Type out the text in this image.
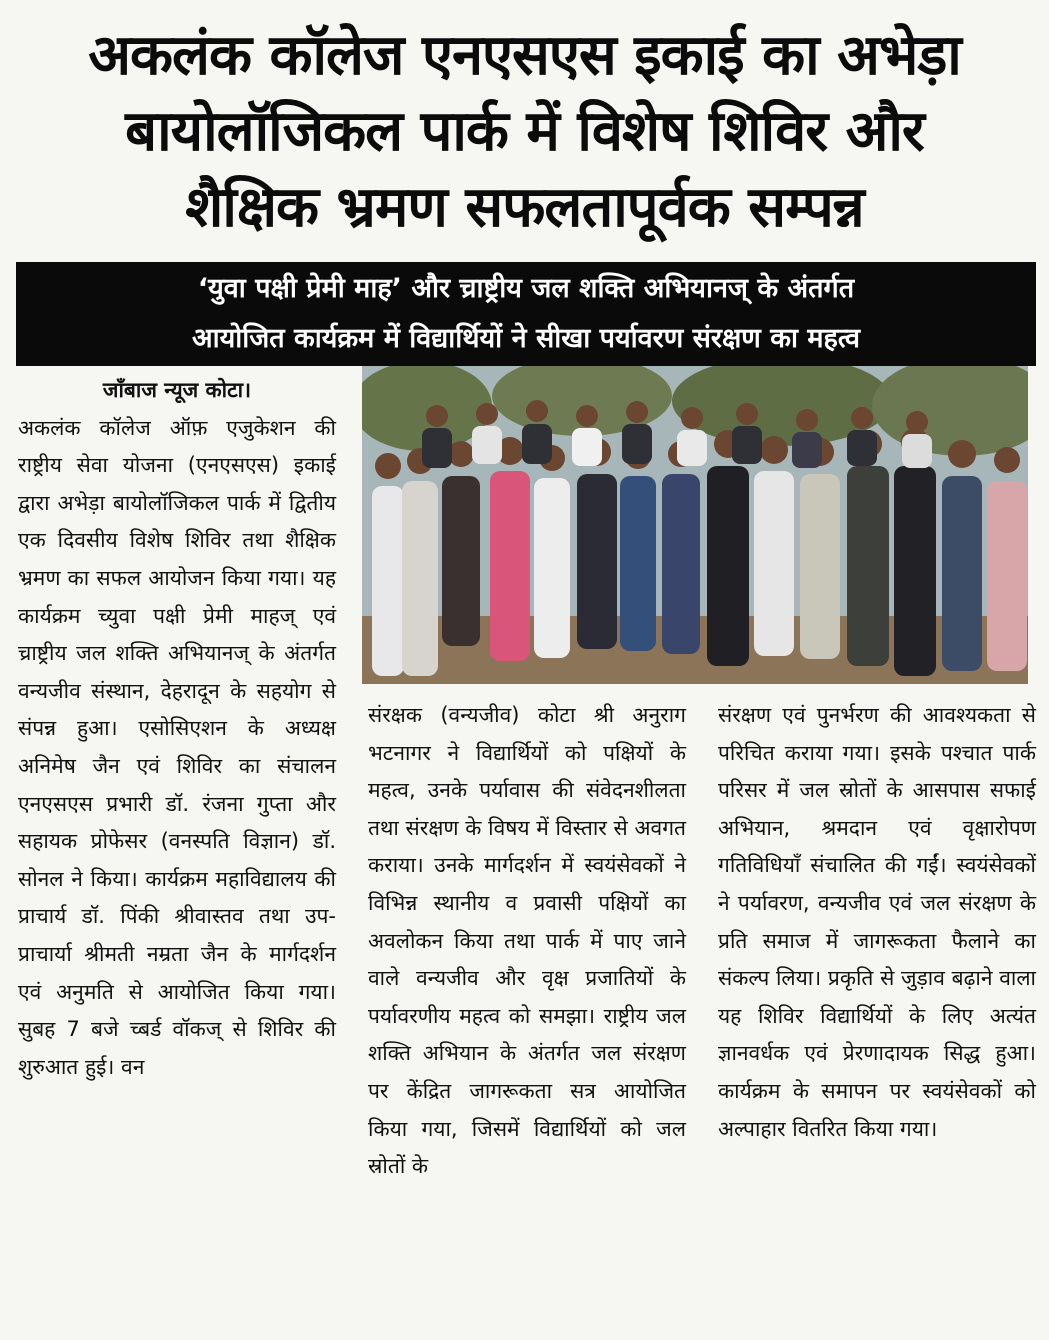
अकलंक कॉलेज एनएसएस इकाई का अभेड़ा
बायोलॉजिकल पार्क में विशेष शिविर और
शैक्षिक भ्रमण सफलतापूर्वक सम्पन्न
‘युवा पक्षी प्रेमी माह’ और च्राष्ट्रीय जल शक्ति अभियानज् के अंतर्गत
आयोजित कार्यक्रम में विद्यार्थियों ने सीखा पर्यावरण संरक्षण का महत्व
जाँबाज न्यूज कोटा।
अकलंक कॉलेज ऑफ़ एजुकेशन की राष्ट्रीय सेवा योजना (एनएसएस) इकाई द्वारा अभेड़ा बायोलॉजिकल पार्क में द्वितीय एक दिवसीय विशेष शिविर तथा शैक्षिक भ्रमण का सफल आयोजन किया गया। यह कार्यक्रम च्युवा पक्षी प्रेमी माहज् एवं च्राष्ट्रीय जल शक्ति अभियानज् के अंतर्गत वन्यजीव संस्थान, देहरादून के सहयोग से संपन्न हुआ। एसोसिएशन के अध्यक्ष अनिमेष जैन एवं शिविर का संचालन एनएसएस प्रभारी डॉ. रंजना गुप्ता और सहायक प्रोफेसर (वनस्पति विज्ञान) डॉ. सोनल ने किया। कार्यक्रम महाविद्यालय की प्राचार्य डॉ. पिंकी श्रीवास्तव तथा उप-प्राचार्या श्रीमती नम्रता जैन के मार्गदर्शन एवं अनुमति से आयोजित किया गया। सुबह 7 बजे च्बर्ड वॉकज् से शिविर की शुरुआत हुई। वन
संरक्षक (वन्यजीव) कोटा श्री अनुराग भटनागर ने विद्यार्थियों को पक्षियों के महत्व, उनके पर्यावास की संवेदनशीलता तथा संरक्षण के विषय में विस्तार से अवगत कराया। उनके मार्गदर्शन में स्वयंसेवकों ने विभिन्न स्थानीय व प्रवासी पक्षियों का अवलोकन किया तथा पार्क में पाए जाने वाले वन्यजीव और वृक्ष प्रजातियों के पर्यावरणीय महत्व को समझा। राष्ट्रीय जल शक्ति अभियान के अंतर्गत जल संरक्षण पर केंद्रित जागरूकता सत्र आयोजित किया गया, जिसमें विद्यार्थियों को जल स्रोतों के
संरक्षण एवं पुनर्भरण की आवश्यकता से परिचित कराया गया। इसके पश्चात पार्क परिसर में जल स्रोतों के आसपास सफाई अभियान, श्रमदान एवं वृक्षारोपण गतिविधियाँ संचालित की गईं। स्वयंसेवकों ने पर्यावरण, वन्यजीव एवं जल संरक्षण के प्रति समाज में जागरूकता फैलाने का संकल्प लिया। प्रकृति से जुड़ाव बढ़ाने वाला यह शिविर विद्यार्थियों के लिए अत्यंत ज्ञानवर्धक एवं प्रेरणादायक सिद्ध हुआ। कार्यक्रम के समापन पर स्वयंसेवकों को अल्पाहार वितरित किया गया।
